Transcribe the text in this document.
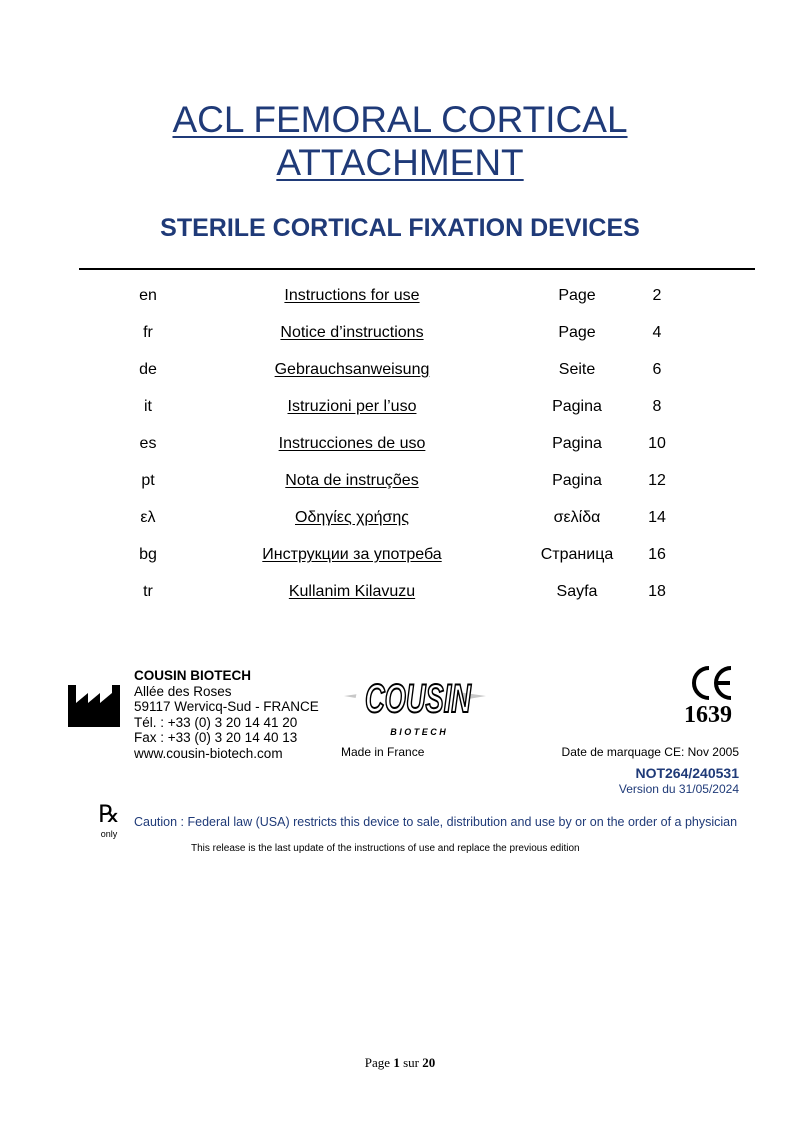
ACL FEMORAL CORTICAL
ATTACHMENT
STERILE CORTICAL FIXATION DEVICES
en	Instructions for use	Page	2
fr	Notice d’instructions	Page	4
de	Gebrauchsanweisung	Seite	6
it	Istruzioni per l’uso	Pagina	8
es	Instrucciones de uso	Pagina	10
pt	Nota de instruções	Pagina	12
ελ	Οδηγίες χρήσης	σελίδα	14
bg	Инструкции за употреба	Страница	16
tr	Kullanim Kilavuzu	Sayfa	18
COUSIN BIOTECH
Allée des Roses
59117 Wervicq-Sud - FRANCE
Tél. : +33 (0) 3 20 14 41 20
Fax : +33 (0) 3 20 14 40 13
www.cousin-biotech.com
COUSIN
B I O T E C H
Made in France
1639
Date de marquage CE: Nov 2005
NOT264/240531
Version du 31/05/2024
℞
only
Caution : Federal law (USA) restricts this device to sale, distribution and use by or on the order of a physician
This release is the last update of the instructions of use and replace the previous edition
Page 1 sur 20
